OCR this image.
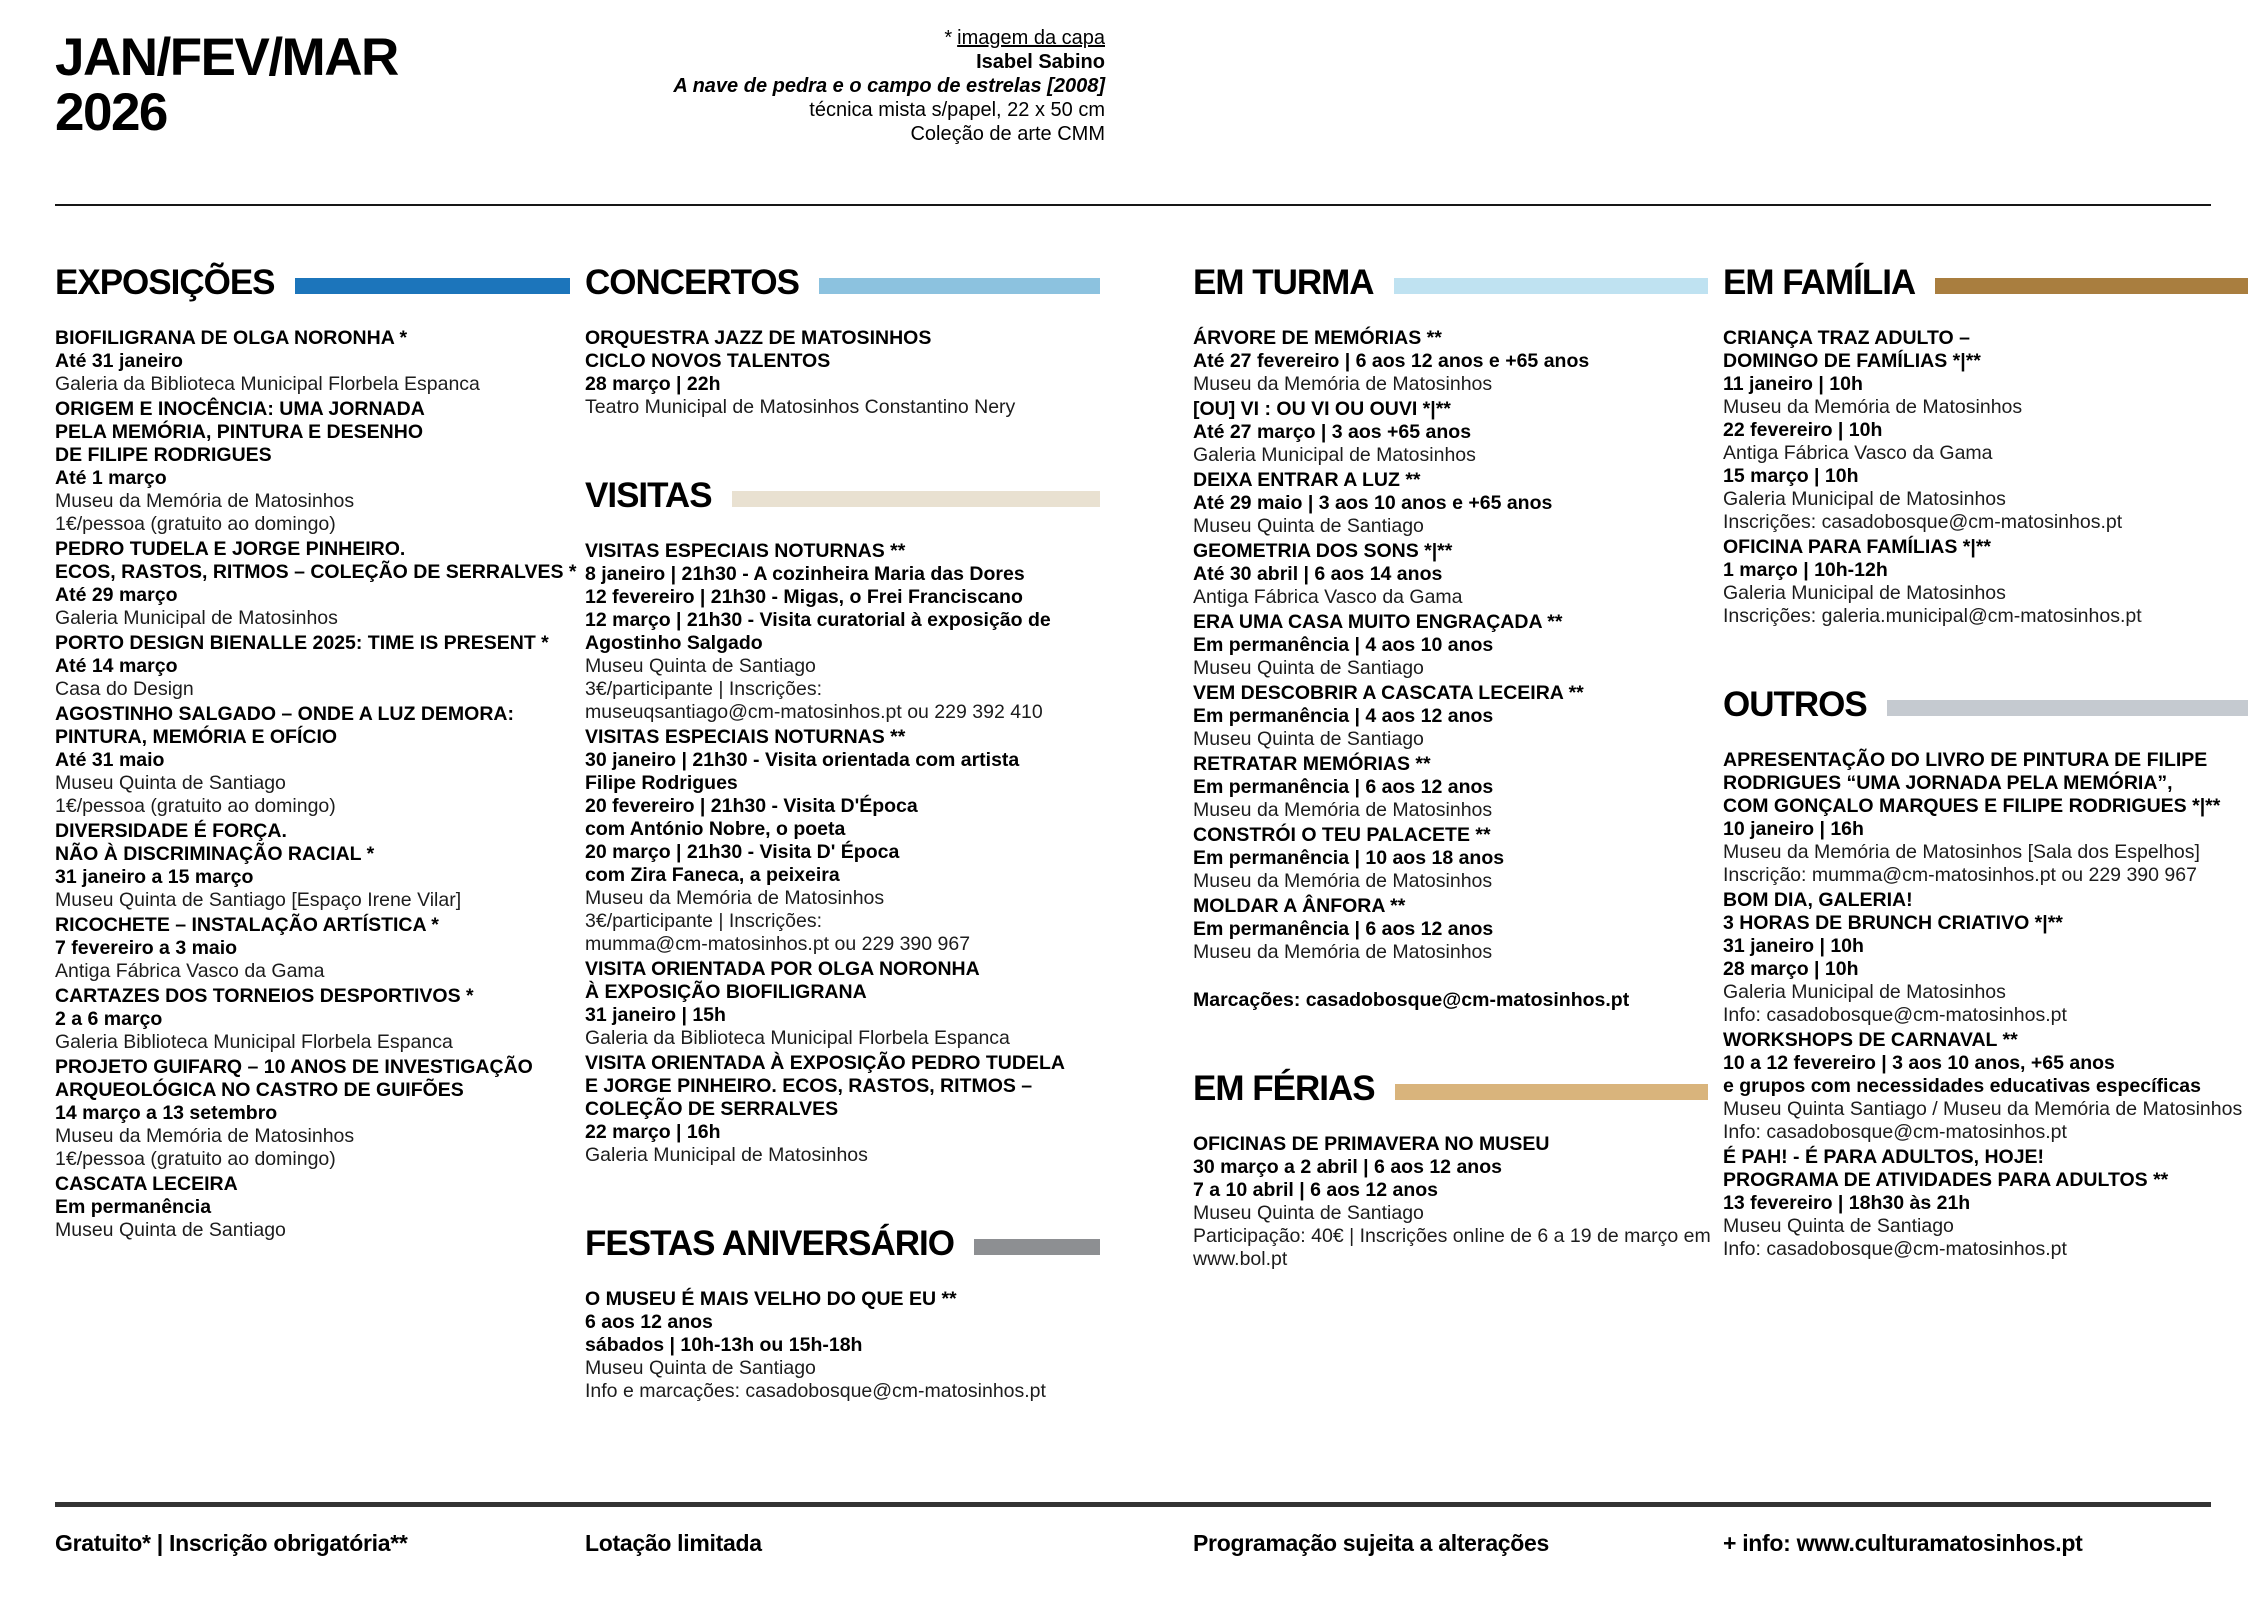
JAN/FEV/MAR
2026
* imagem da capa
Isabel Sabino
A nave de pedra e o campo de estrelas [2008]
técnica mista s/papel, 22 x 50 cm
Coleção de arte CMM
EXPOSIÇÕES
BIOFILIGRANA DE OLGA NORONHA *
Até 31 janeiro
Galeria da Biblioteca Municipal Florbela Espanca
ORIGEM E INOCÊNCIA: UMA JORNADA
PELA MEMÓRIA, PINTURA E DESENHO
DE FILIPE RODRIGUES
Até 1 março
Museu da Memória de Matosinhos
1€/pessoa (gratuito ao domingo)
PEDRO TUDELA E JORGE PINHEIRO.
ECOS, RASTOS, RITMOS – COLEÇÃO DE SERRALVES *
Até 29 março
Galeria Municipal de Matosinhos
PORTO DESIGN BIENALLE 2025: TIME IS PRESENT *
Até 14 março
Casa do Design
AGOSTINHO SALGADO – ONDE A LUZ DEMORA:
PINTURA, MEMÓRIA E OFÍCIO
Até 31 maio
Museu Quinta de Santiago
1€/pessoa (gratuito ao domingo)
DIVERSIDADE É FORÇA.
NÃO À DISCRIMINAÇÃO RACIAL *
31 janeiro a 15 março
Museu Quinta de Santiago [Espaço Irene Vilar]
RICOCHETE – INSTALAÇÃO ARTÍSTICA *
7 fevereiro a 3 maio
Antiga Fábrica Vasco da Gama
CARTAZES DOS TORNEIOS DESPORTIVOS *
2 a 6 março
Galeria Biblioteca Municipal Florbela Espanca
PROJETO GUIFARQ – 10 ANOS DE INVESTIGAÇÃO
ARQUEOLÓGICA NO CASTRO DE GUIFÕES
14 março a 13 setembro
Museu da Memória de Matosinhos
1€/pessoa (gratuito ao domingo)
CASCATA LECEIRA
Em permanência
Museu Quinta de Santiago
CONCERTOS
ORQUESTRA JAZZ DE MATOSINHOS
CICLO NOVOS TALENTOS
28 março | 22h
Teatro Municipal de Matosinhos Constantino Nery
VISITAS
VISITAS ESPECIAIS NOTURNAS **
8 janeiro | 21h30 - A cozinheira Maria das Dores
12 fevereiro | 21h30 - Migas, o Frei Franciscano
12 março | 21h30 - Visita curatorial à exposição de
Agostinho Salgado
Museu Quinta de Santiago
3€/participante | Inscrições:
museuqsantiago@cm-matosinhos.pt ou 229 392 410
VISITAS ESPECIAIS NOTURNAS **
30 janeiro | 21h30 - Visita orientada com artista
Filipe Rodrigues
20 fevereiro | 21h30 - Visita D'Época
com António Nobre, o poeta
20 março | 21h30 - Visita D' Época
com Zira Faneca, a peixeira
Museu da Memória de Matosinhos
3€/participante | Inscrições:
mumma@cm-matosinhos.pt ou 229 390 967
VISITA ORIENTADA POR OLGA NORONHA
À EXPOSIÇÃO BIOFILIGRANA
31 janeiro | 15h
Galeria da Biblioteca Municipal Florbela Espanca
VISITA ORIENTADA À EXPOSIÇÃO PEDRO TUDELA
E JORGE PINHEIRO. ECOS, RASTOS, RITMOS –
COLEÇÃO DE SERRALVES
22 março | 16h
Galeria Municipal de Matosinhos
FESTAS ANIVERSÁRIO
O MUSEU É MAIS VELHO DO QUE EU **
6 aos 12 anos
sábados | 10h-13h ou 15h-18h
Museu Quinta de Santiago
Info e marcações: casadobosque@cm-matosinhos.pt
EM TURMA
ÁRVORE DE MEMÓRIAS **
Até 27 fevereiro | 6 aos 12 anos e +65 anos
Museu da Memória de Matosinhos
[OU] VI : OU VI OU OUVI *|**
Até 27 março | 3 aos +65 anos
Galeria Municipal de Matosinhos
DEIXA ENTRAR A LUZ **
Até 29 maio | 3 aos 10 anos e +65 anos
Museu Quinta de Santiago
GEOMETRIA DOS SONS *|**
Até 30 abril | 6 aos 14 anos
Antiga Fábrica Vasco da Gama
ERA UMA CASA MUITO ENGRAÇADA **
Em permanência | 4 aos 10 anos
Museu Quinta de Santiago
VEM DESCOBRIR A CASCATA LECEIRA **
Em permanência | 4 aos 12 anos
Museu Quinta de Santiago
RETRATAR MEMÓRIAS **
Em permanência | 6 aos 12 anos
Museu da Memória de Matosinhos
CONSTRÓI O TEU PALACETE **
Em permanência | 10 aos 18 anos
Museu da Memória de Matosinhos
MOLDAR A ÂNFORA **
Em permanência | 6 aos 12 anos
Museu da Memória de Matosinhos
Marcações: casadobosque@cm-matosinhos.pt
EM FÉRIAS
OFICINAS DE PRIMAVERA NO MUSEU
30 março a 2 abril | 6 aos 12 anos
7 a 10 abril | 6 aos 12 anos
Museu Quinta de Santiago
Participação: 40€ | Inscrições online de 6 a 19 de março em
www.bol.pt
EM FAMÍLIA
CRIANÇA TRAZ ADULTO –
DOMINGO DE FAMÍLIAS *|**
11 janeiro | 10h
Museu da Memória de Matosinhos
22 fevereiro | 10h
Antiga Fábrica Vasco da Gama
15 março | 10h
Galeria Municipal de Matosinhos
Inscrições: casadobosque@cm-matosinhos.pt
OFICINA PARA FAMÍLIAS *|**
1 março | 10h-12h
Galeria Municipal de Matosinhos
Inscrições: galeria.municipal@cm-matosinhos.pt
OUTROS
APRESENTAÇÃO DO LIVRO DE PINTURA DE FILIPE
RODRIGUES “UMA JORNADA PELA MEMÓRIA”,
COM GONÇALO MARQUES E FILIPE RODRIGUES *|**
10 janeiro | 16h
Museu da Memória de Matosinhos [Sala dos Espelhos]
Inscrição: mumma@cm-matosinhos.pt ou 229 390 967
BOM DIA, GALERIA!
3 HORAS DE BRUNCH CRIATIVO *|**
31 janeiro | 10h
28 março | 10h
Galeria Municipal de Matosinhos
Info: casadobosque@cm-matosinhos.pt
WORKSHOPS DE CARNAVAL **
10 a 12 fevereiro | 3 aos 10 anos, +65 anos
e grupos com necessidades educativas específicas
Museu Quinta Santiago / Museu da Memória de Matosinhos
Info: casadobosque@cm-matosinhos.pt
É PAH! - É PARA ADULTOS, HOJE!
PROGRAMA DE ATIVIDADES PARA ADULTOS **
13 fevereiro | 18h30 às 21h
Museu Quinta de Santiago
Info: casadobosque@cm-matosinhos.pt
Gratuito* | Inscrição obrigatória**	Lotação limitada	Programação sujeita a alterações	+ info: www.culturamatosinhos.pt
